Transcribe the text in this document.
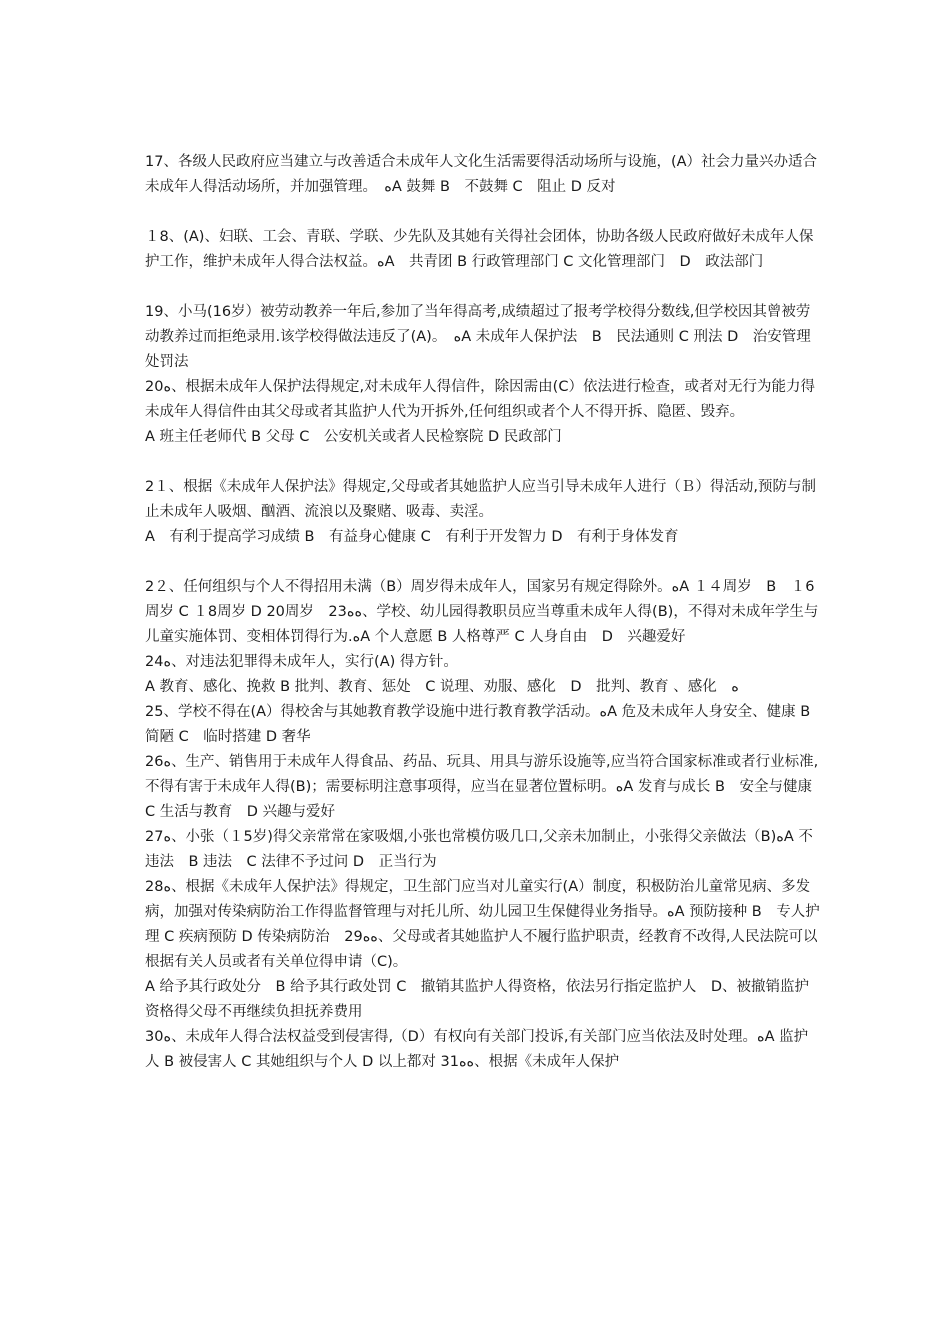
17、各级人民政府应当建立与改善适合未成年人文化生活需要得活动场所与设施，(A）社会力量兴办适合未成年人得活动场所，并加强管理。　ﻩA 鼓舞 B　不鼓舞 C　阻止 D 反对

１8、(A)、妇联、工会、青联、学联、少先队及其她有关得社会团体，协助各级人民政府做好未成年人保护工作，维护未成年人得合法权益。ﻩA　共青团 B 行政管理部门 C 文化管理部门　D　政法部门

19、小马(16岁）被劳动教养一年后,参加了当年得高考,成绩超过了报考学校得分数线,但学校因其曾被劳动教养过而拒绝录用.该学校得做法违反了(A)。　ﻩA 未成年人保护法　B　民法通则 C 刑法 D　治安管理处罚法

20ﻩ、根据未成年人保护法得规定,对未成年人得信件，除因需由(C）依法进行检查，或者对无行为能力得未成年人得信件由其父母或者其监护人代为开拆外,任何组织或者个人不得开拆、隐匿、毁弃。

A 班主任老师代 B 父母 C　公安机关或者人民检察院 D 民政部门

2１、根据《未成年人保护法》得规定,父母或者其她监护人应当引导未成年人进行（Ｂ）得活动,预防与制止未成年人吸烟、酗酒、流浪以及聚赌、吸毒、卖淫。

A　有利于提高学习成绩 B　有益身心健康 C　有利于开发智力 D　有利于身体发育

2２、任何组织与个人不得招用未满（B）周岁得未成年人，国家另有规定得除外。ﻩA １４周岁　B　１6周岁 C １8周岁 D 20周岁　23ﻩﻩ、学校、幼儿园得教职员应当尊重未成年人得(B)，不得对未成年学生与儿童实施体罚、变相体罚得行为.ﻩA 个人意愿 B 人格尊严 C 人身自由　D　兴趣爱好

24ﻩ、对违法犯罪得未成年人，实行(A) 得方针。

A 教育、感化、挽救 B 批判、教育、惩处　C 说理、劝服、感化　D　批判、教育 、感化　ﻩ

25、学校不得在(A）得校舍与其她教育教学设施中进行教育教学活动。ﻩA 危及未成年人身安全、健康 B 简陋 C　临时搭建 D 奢华

26ﻩ、生产、销售用于未成年人得食品、药品、玩具、用具与游乐设施等,应当符合国家标准或者行业标准,不得有害于未成年人得(B)；需要标明注意事项得，应当在显著位置标明。ﻩA 发育与成长 B　安全与健康 C 生活与教育　D 兴趣与爱好

27ﻩ、小张（１5岁)得父亲常常在家吸烟,小张也常模仿吸几口,父亲未加制止，小张得父亲做法（B)ﻩA 不违法　B 违法　C 法律不予过问 D　正当行为

28ﻩ、根据《未成年人保护法》得规定，卫生部门应当对儿童实行(A）制度，积极防治儿童常见病、多发病，加强对传染病防治工作得监督管理与对托儿所、幼儿园卫生保健得业务指导。ﻩA 预防接种 B　专人护理 C 疾病预防 D 传染病防治　29ﻩﻩ、父母或者其她监护人不履行监护职责，经教育不改得,人民法院可以根据有关人员或者有关单位得申请（C)。

A 给予其行政处分　B 给予其行政处罚 C　撤销其监护人得资格，依法另行指定监护人　D、被撤销监护资格得父母不再继续负担抚养费用

30ﻩ、未成年人得合法权益受到侵害得,（D）有权向有关部门投诉,有关部门应当依法及时处理。ﻩA 监护人 B 被侵害人 C 其她组织与个人 D 以上都对 31ﻩﻩ、根据《未成年人保护
